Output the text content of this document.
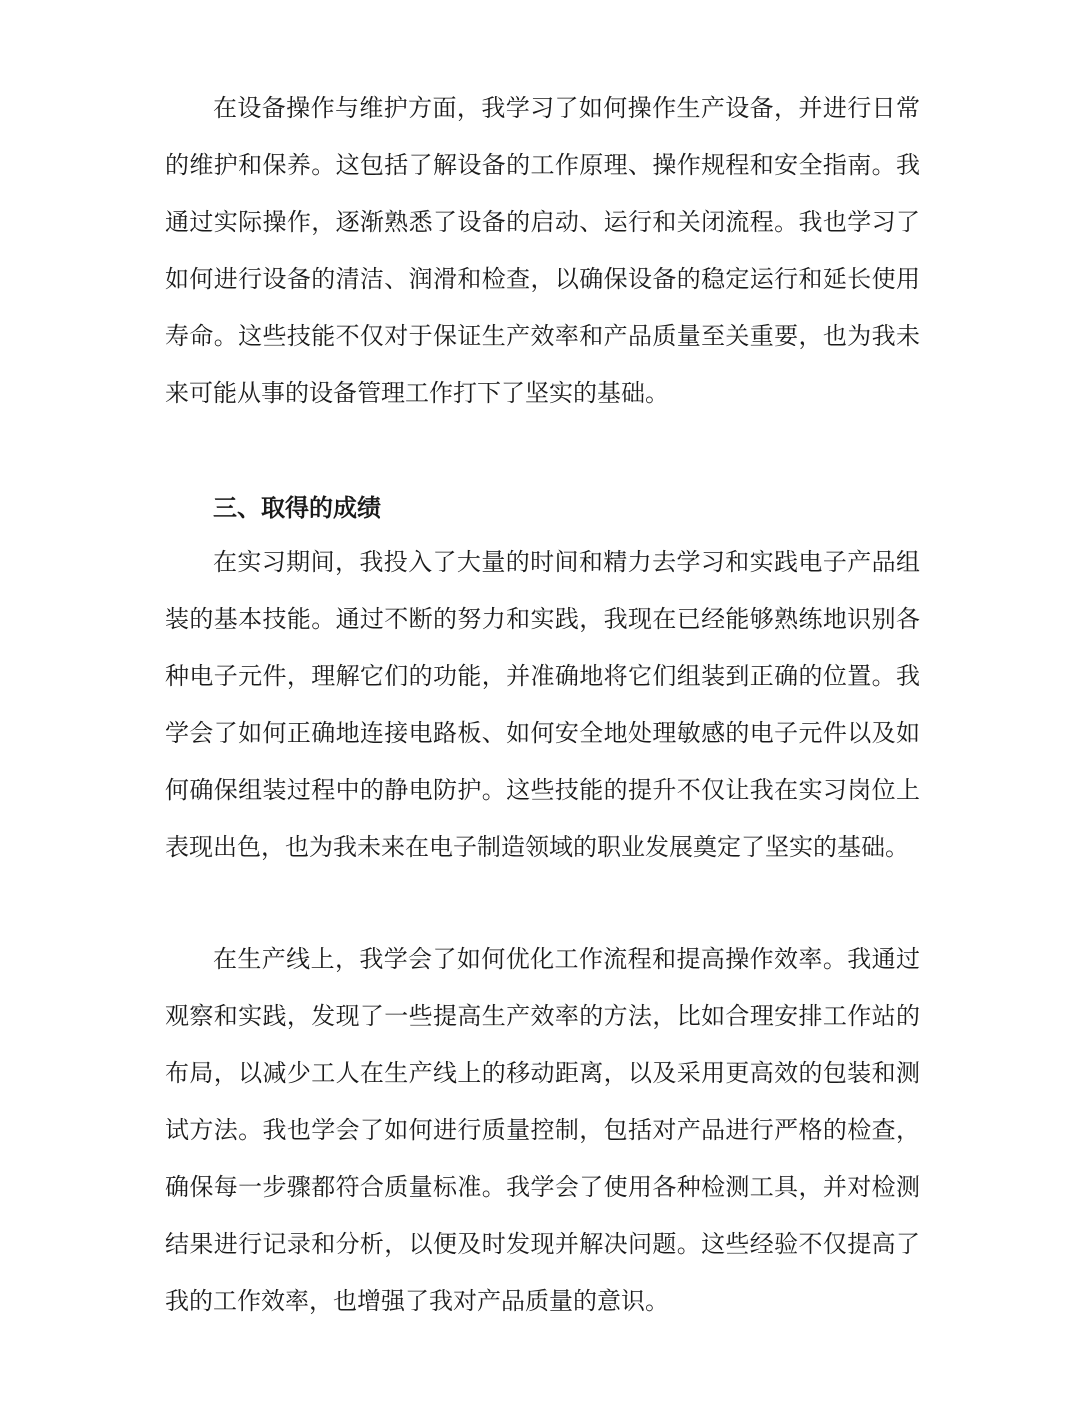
在设备操作与维护方面，我学习了如何操作生产设备，并进行日常的维护和保养。这包括了解设备的工作原理、操作规程和安全指南。我通过实际操作，逐渐熟悉了设备的启动、运行和关闭流程。我也学习了如何进行设备的清洁、润滑和检查，以确保设备的稳定运行和延长使用寿命。这些技能不仅对于保证生产效率和产品质量至关重要，也为我未来可能从事的设备管理工作打下了坚实的基础。

三、取得的成绩

在实习期间，我投入了大量的时间和精力去学习和实践电子产品组装的基本技能。通过不断的努力和实践，我现在已经能够熟练地识别各种电子元件，理解它们的功能，并准确地将它们组装到正确的位置。我学会了如何正确地连接电路板、如何安全地处理敏感的电子元件以及如何确保组装过程中的静电防护。这些技能的提升不仅让我在实习岗位上表现出色，也为我未来在电子制造领域的职业发展奠定了坚实的基础。

在生产线上，我学会了如何优化工作流程和提高操作效率。我通过观察和实践，发现了一些提高生产效率的方法，比如合理安排工作站的布局，以减少工人在生产线上的移动距离，以及采用更高效的包装和测试方法。我也学会了如何进行质量控制，包括对产品进行严格的检查，确保每一步骤都符合质量标准。我学会了使用各种检测工具，并对检测结果进行记录和分析，以便及时发现并解决问题。这些经验不仅提高了我的工作效率，也增强了我对产品质量的意识。
